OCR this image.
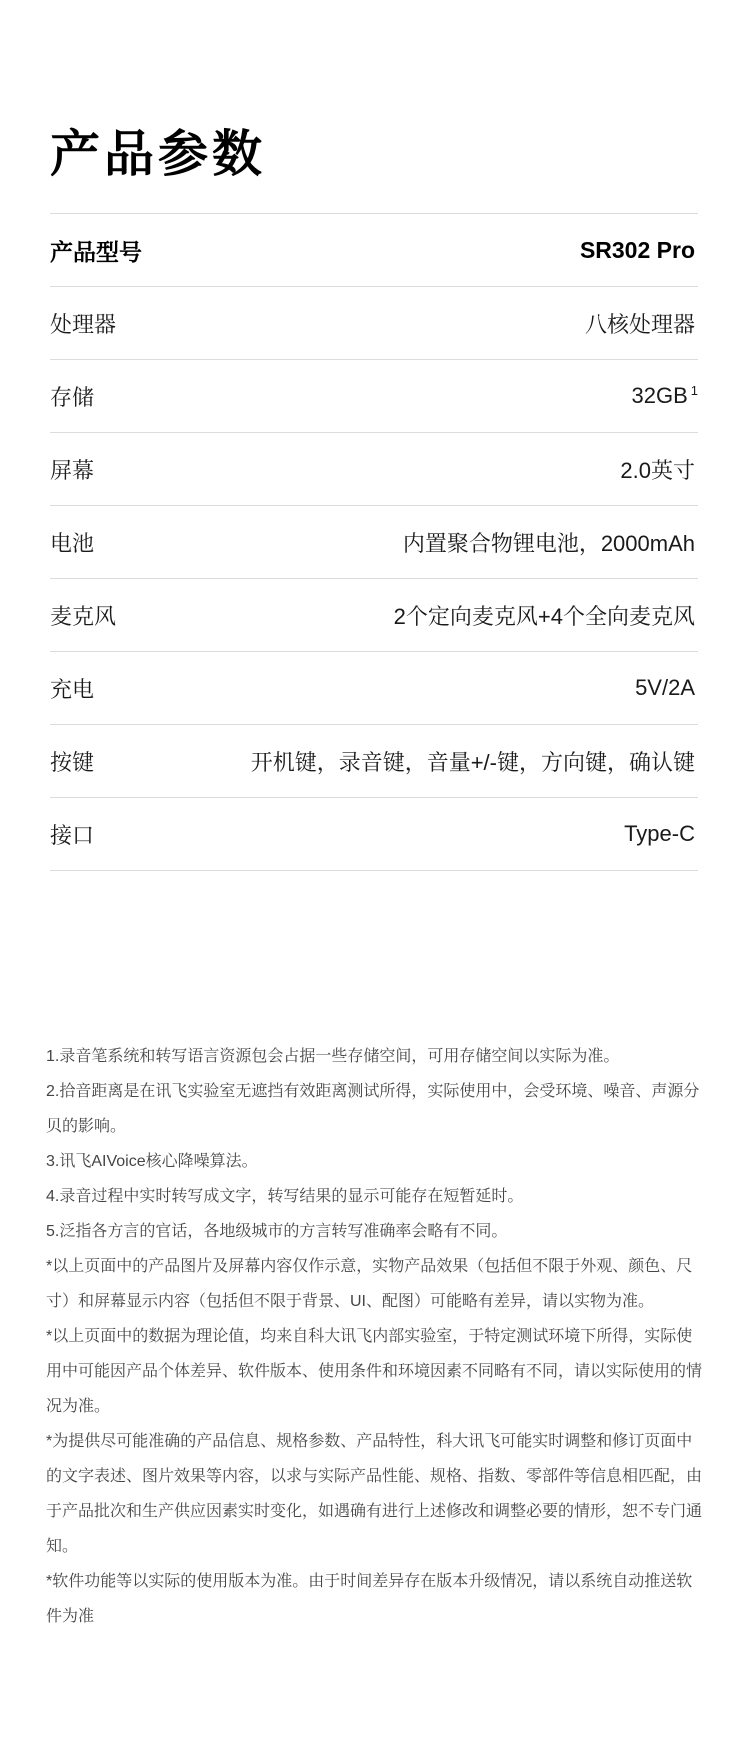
产品参数
产品型号	SR302 Pro
处理器	八核处理器
存储	32GB $^1$
屏幕	2.0英寸
电池	内置聚合物锂电池，2000mAh
麦克风	2个定向麦克风+4个全向麦克风
充电	5V/2A
按键	开机键，录音键，音量+/-键，方向键，确认键
接口	Type-C

1.录音笔系统和转写语言资源包会占据一些存储空间，可用存储空间以实际为准。

2.拾音距离是在讯飞实验室无遮挡有效距离测试所得，实际使用中，会受环境、噪音、声源分贝的影响。

3.讯飞AIVoice核心降噪算法。

4.录音过程中实时转写成文字，转写结果的显示可能存在短暂延时。

5.泛指各方言的官话，各地级城市的方言转写准确率会略有不同。

*以上页面中的产品图片及屏幕内容仅作示意，实物产品效果（包括但不限于外观、颜色、尺寸）和屏幕显示内容（包括但不限于背景、UI、配图）可能略有差异，请以实物为准。

*以上页面中的数据为理论值，均来自科大讯飞内部实验室，于特定测试环境下所得，实际使用中可能因产品个体差异、软件版本、使用条件和环境因素不同略有不同，请以实际使用的情况为准。

*为提供尽可能准确的产品信息、规格参数、产品特性，科大讯飞可能实时调整和修订页面中的文字表述、图片效果等内容，以求与实际产品性能、规格、指数、零部件等信息相匹配，由于产品批次和生产供应因素实时变化，如遇确有进行上述修改和调整必要的情形，恕不专门通知。

*软件功能等以实际的使用版本为准。由于时间差异存在版本升级情况，请以系统自动推送软件为准
